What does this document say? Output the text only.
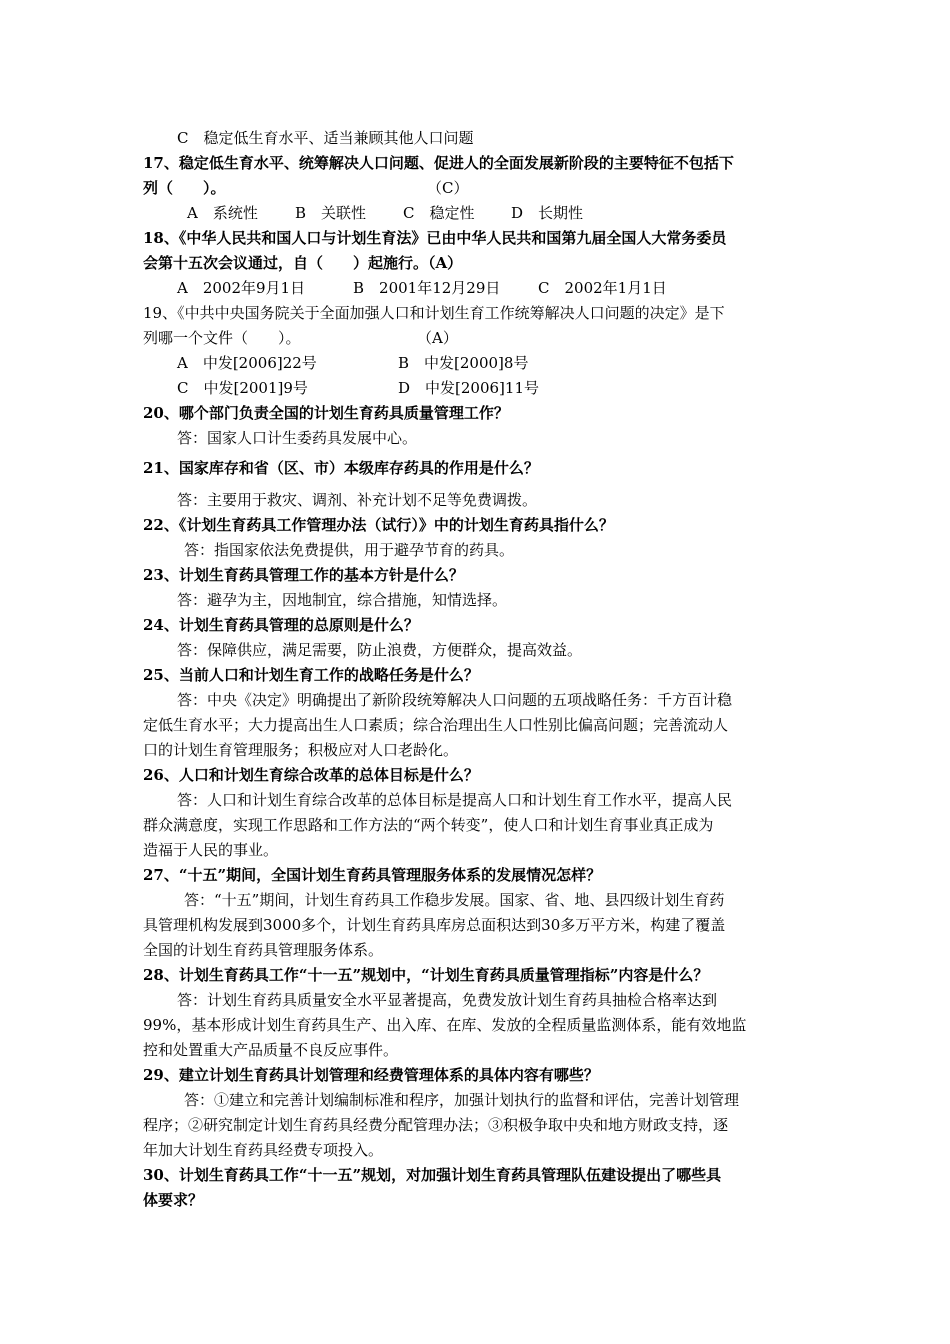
C　稳定低生育水平、适当兼顾其他人口问题
17、稳定低生育水平、统筹解决人口问题、促进人的全面发展新阶段的主要特征不包括下
列（　　）。	（C）
A　系统性 B　关联性 C　稳定性 D　长期性
18、《中华人民共和国人口与计划生育法》已由中华人民共和国第九届全国人大常务委员
会第十五次会议通过，自（　　）起施行。（A）
A　2002年9月1日	B　2001年12月29日	C　2002年1月1日
19、《中共中央国务院关于全面加强人口和计划生育工作统筹解决人口问题的决定》是下
列哪一个文件（　　）。	（A）
A　中发[2006]22号	B　中发[2000]8号
C　中发[2001]9号	D　中发[2006]11号
20、哪个部门负责全国的计划生育药具质量管理工作？
答：国家人口计生委药具发展中心。
21、国家库存和省（区、市）本级库存药具的作用是什么？
答：主要用于救灾、调剂、补充计划不足等免费调拨。
22、《计划生育药具工作管理办法（试行）》中的计划生育药具指什么？
答：指国家依法免费提供，用于避孕节育的药具。
23、计划生育药具管理工作的基本方针是什么？
答：避孕为主，因地制宜，综合措施，知情选择。
24、计划生育药具管理的总原则是什么？
答：保障供应，满足需要，防止浪费，方便群众，提高效益。
25、当前人口和计划生育工作的战略任务是什么？
答：中央《决定》明确提出了新阶段统筹解决人口问题的五项战略任务：千方百计稳
定低生育水平；大力提高出生人口素质；综合治理出生人口性别比偏高问题；完善流动人
口的计划生育管理服务；积极应对人口老龄化。
26、人口和计划生育综合改革的总体目标是什么？
答：人口和计划生育综合改革的总体目标是提高人口和计划生育工作水平，提高人民
群众满意度，实现工作思路和工作方法的“两个转变”，使人口和计划生育事业真正成为
造福于人民的事业。
27、“十五”期间，全国计划生育药具管理服务体系的发展情况怎样？
答：“十五”期间，计划生育药具工作稳步发展。国家、省、地、县四级计划生育药
具管理机构发展到3000多个，计划生育药具库房总面积达到30多万平方米，构建了覆盖
全国的计划生育药具管理服务体系。
28、计划生育药具工作“十一五”规划中，“计划生育药具质量管理指标”内容是什么？
答：计划生育药具质量安全水平显著提高，免费发放计划生育药具抽检合格率达到
99%，基本形成计划生育药具生产、出入库、在库、发放的全程质量监测体系，能有效地监
控和处置重大产品质量不良反应事件。
29、建立计划生育药具计划管理和经费管理体系的具体内容有哪些？
答：①建立和完善计划编制标准和程序，加强计划执行的监督和评估，完善计划管理
程序；②研究制定计划生育药具经费分配管理办法；③积极争取中央和地方财政支持，逐
年加大计划生育药具经费专项投入。
30、计划生育药具工作“十一五”规划，对加强计划生育药具管理队伍建设提出了哪些具
体要求？
